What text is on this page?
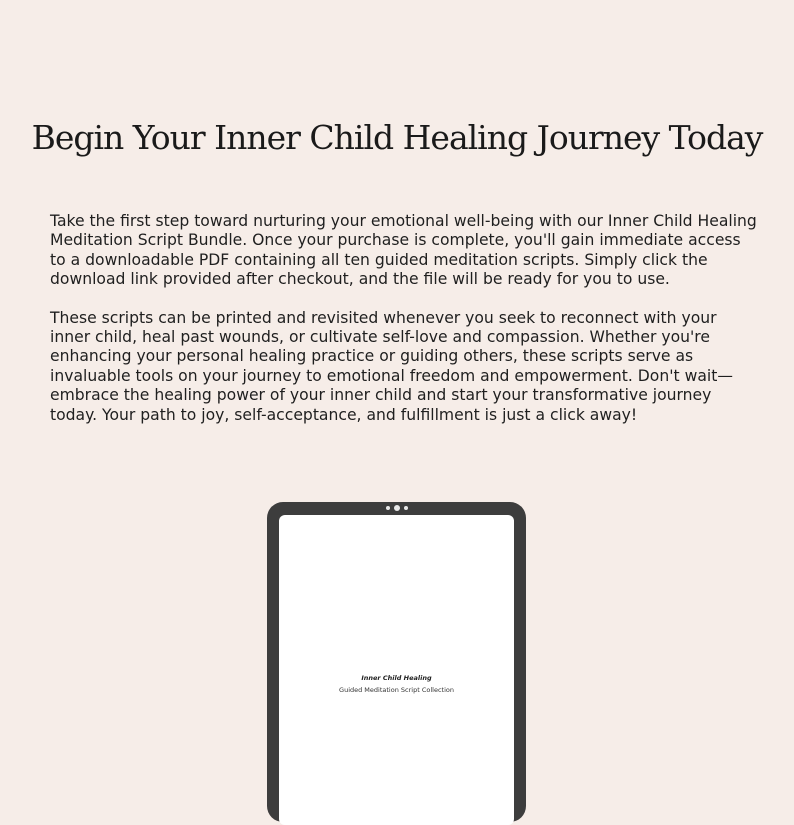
Begin Your Inner Child Healing Journey Today

Take the first step toward nurturing your emotional well-being with our Inner Child Healing Meditation Script Bundle. Once your purchase is complete, you'll gain immediate access to a downloadable PDF containing all ten guided meditation scripts. Simply click the download link provided after checkout, and the file will be ready for you to use.

These scripts can be printed and revisited whenever you seek to reconnect with your inner child, heal past wounds, or cultivate self-love and compassion. Whether you're enhancing your personal healing practice or guiding others, these scripts serve as invaluable tools on your journey to emotional freedom and empowerment. Don't wait—embrace the healing power of your inner child and start your transformative journey today. Your path to joy, self-acceptance, and fulfillment is just a click away!

Inner Child Healing
Guided Meditation Script Collection
